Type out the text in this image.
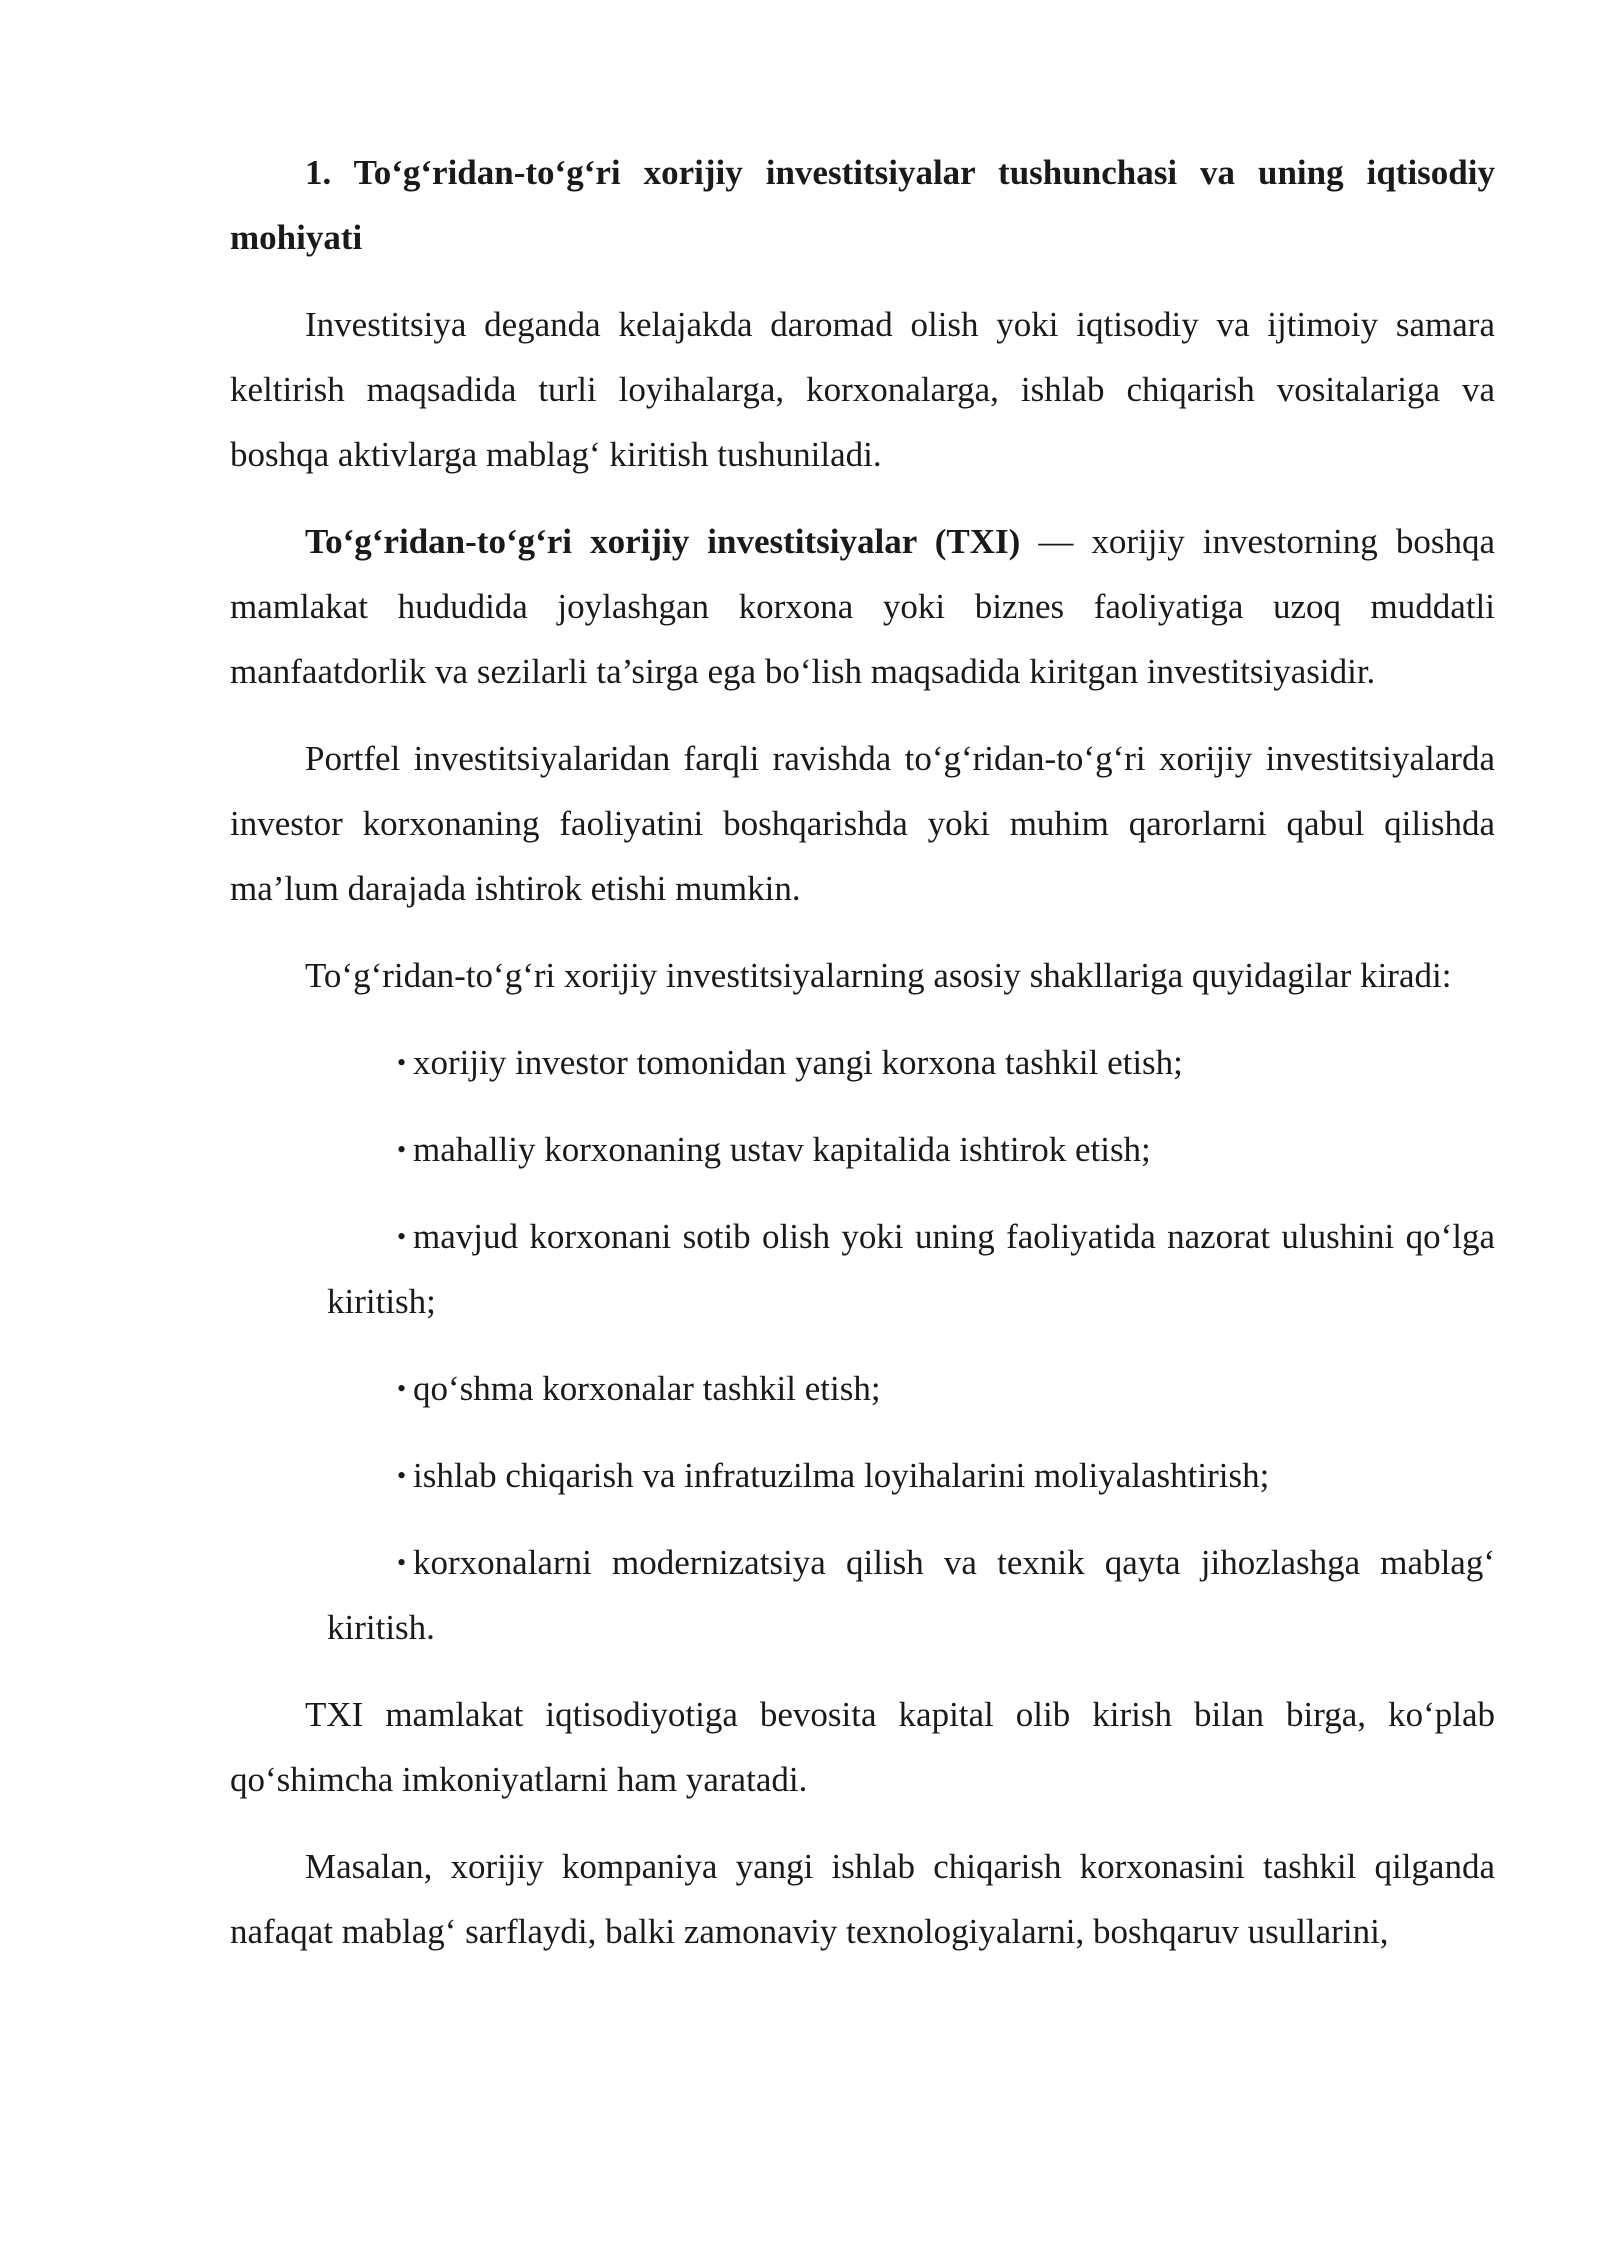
1. To‘g‘ridan-to‘g‘ri xorijiy investitsiyalar tushunchasi va uning iqtisodiy mohiyati

Investitsiya deganda kelajakda daromad olish yoki iqtisodiy va ijtimoiy samara keltirish maqsadida turli loyihalarga, korxonalarga, ishlab chiqarish vositalariga va boshqa aktivlarga mablag‘ kiritish tushuniladi.

To‘g‘ridan-to‘g‘ri xorijiy investitsiyalar (TXI) — xorijiy investorning boshqa mamlakat hududida joylashgan korxona yoki biznes faoliyatiga uzoq muddatli manfaatdorlik va sezilarli ta’sirga ega bo‘lish maqsadida kiritgan investitsiyasidir.

Portfel investitsiyalaridan farqli ravishda to‘g‘ridan-to‘g‘ri xorijiy investitsiyalarda investor korxonaning faoliyatini boshqarishda yoki muhim qarorlarni qabul qilishda ma’lum darajada ishtirok etishi mumkin.

To‘g‘ridan-to‘g‘ri xorijiy investitsiyalarning asosiy shakllariga quyidagilar kiradi:

• xorijiy investor tomonidan yangi korxona tashkil etish;
• mahalliy korxonaning ustav kapitalida ishtirok etish;
• mavjud korxonani sotib olish yoki uning faoliyatida nazorat ulushini qo‘lga kiritish;
• qo‘shma korxonalar tashkil etish;
• ishlab chiqarish va infratuzilma loyihalarini moliyalashtirish;
• korxonalarni modernizatsiya qilish va texnik qayta jihozlashga mablag‘ kiritish.

TXI mamlakat iqtisodiyotiga bevosita kapital olib kirish bilan birga, ko‘plab qo‘shimcha imkoniyatlarni ham yaratadi.

Masalan, xorijiy kompaniya yangi ishlab chiqarish korxonasini tashkil qilganda nafaqat mablag‘ sarflaydi, balki zamonaviy texnologiyalarni, boshqaruv usullarini,
